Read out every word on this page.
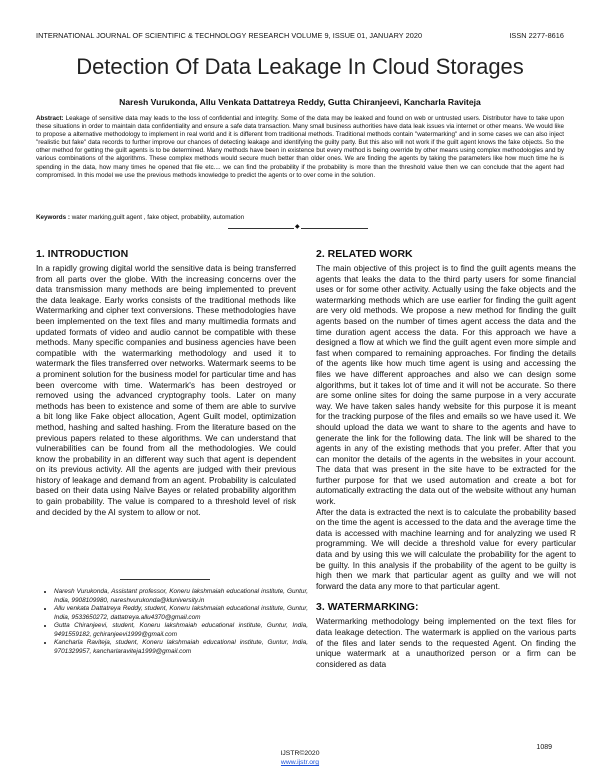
INTERNATIONAL JOURNAL OF SCIENTIFIC & TECHNOLOGY RESEARCH VOLUME 9, ISSUE 01, JANUARY 2020	ISSN 2277-8616
Detection Of Data Leakage In Cloud Storages
Naresh Vurukonda, Allu Venkata Dattatreya Reddy, Gutta Chiranjeevi, Kancharla Raviteja
Abstract: Leakage of sensitive data may leads to the loss of confidential and integrity. Some of the data may be leaked and found on web or untrusted users. Distributor have to take upon these situations in order to maintain data confidentiality and ensure a safe data transaction. Many small business authorities have data leak issues via internet or other means. We would like to propose a alternative methodology to implement in real world and it is different from traditional methods. Traditional methods contain "watermarking" and in some cases we can also inject "realistic but fake" data records to further improve our chances of detecting leakage and identifying the guilty party. But this also will not work if the guilt agent knows the fake objects. So the other method for getting the guilt agents is to be determined. Many methods have been in existence but every method is being override by other means using complex methodologies and by various combinations of the algorithms. These complex methods would secure much better than older ones. We are finding the agents by taking the parameters like how much time he is spending in the data, how many times he opened that file etc.... we can find the probability if the probability is more than the threshold value then we can conclude that the agent had compromised. In this model we use the previous methods knowledge to predict the agents or to over come in the solution.
Keywords : water marking,guilt agent , fake object, probability, automation
◆
1. INTRODUCTION

In a rapidly growing digital world the sensitive data is being transferred from all parts over the globe. With the increasing concerns over the data transmission many methods are being implemented to prevent the data leakage. Early works consists of the traditional methods like Watermarking and cipher text conversions. These methodologies have been implemented on the text files and many multimedia formats and updated formats of video and audio cannot be compatible with these methods. Many specific companies and business agencies have been compatible with the watermarking methodology and used it to watermark the files transferred over networks. Watermark seems to be a prominent solution for the business model for particular time and has been overcome with time. Watermark's has been destroyed or removed using the advanced cryptography tools. Later on many methods has been to existence and some of them are able to survive a bit long like Fake object allocation, Agent Guilt model, optimization method, hashing and salted hashing. From the literature based on the previous papers related to these algorithms. We can understand that vulnerabilities can be found from all the methodologies. We could know the probability in an different way such that agent is dependent on its previous activity. All the agents are judged with their previous history of leakage and demand from an agent. Probability is calculated based on their data using Naïve Bayes or related probability algorithm to gain probability. The value is compared to a threshold level of risk and decided by the AI system to allow or not.

• Naresh Vurukonda, Assistant professor, Koneru lakshmaiah educational institute, Guntur, India, 9908109980, nareshvurukonda@kluniversity.in
• Allu venkata Dattatreya Reddy, student, Koneru lakshmaiah educational institute, Guntur, India, 9533650272, dattatreya.allu4370@gmail.com
• Gutta Chiranjeevi, student, Koneru lakshmaiah educational institute, Guntur, India, 9491559182, gchiranjeevi1999@gmail.com
• Kancharla Raviteja, student, Koneru lakshmaiah educational institute, Guntur, India, 9701329957, kancharlaraviteja1999@gmail.com
2. RELATED WORK

The main objective of this project is to find the guilt agents means the agents that leaks the data to the third party users for some financial uses or for some other activity. Actually using the fake objects and the watermarking methods which are use earlier for finding the guilt agent are very old methods. We propose a new method for finding the guilt agents based on the number of times agent access the data and the time duration agent access the data. For this approach we have a designed a flow at which we find the guilt agent even more simple and fast when compared to remaining approaches. For finding the details of the agents like how much time agent is using and accessing the files we have different approaches and also we can design some algorithms, but it takes lot of time and it will not be accurate. So there are some online sites for doing the same purpose in a very accurate way. We have taken sales handy website for this purpose it is meant for the tracking purpose of the files and emails so we have used it. We should upload the data we want to share to the agents and have to generate the link for the following data. The link will be shared to the agents in any of the existing methods that you prefer. After that you can monitor the details of the agents in the websites in your account. The data that was present in the site have to be extracted for the further purpose for that we used automation and create a bot for automatically extracting the data out of the website without any human work.

After the data is extracted the next is to calculate the probability based on the time the agent is accessed to the data and the average time the data is accessed with machine learning and for analyzing we used R programming. We will decide a threshold value for every particular data and by using this we will calculate the probability for the agent to be guilty. In this analysis if the probability of the agent to be guilty is high then we mark that particular agent as guilty and we will not forward the data any more to that particular agent.

3. WATERMARKING:

Watermarking methodology being implemented on the text files for data leakage detection. The watermark is applied on the various parts of the files and later sends to the requested Agent. On finding the unique watermark at a unauthorized person or a firm can be considered as data

1089
IJSTR©2020
www.ijstr.org
